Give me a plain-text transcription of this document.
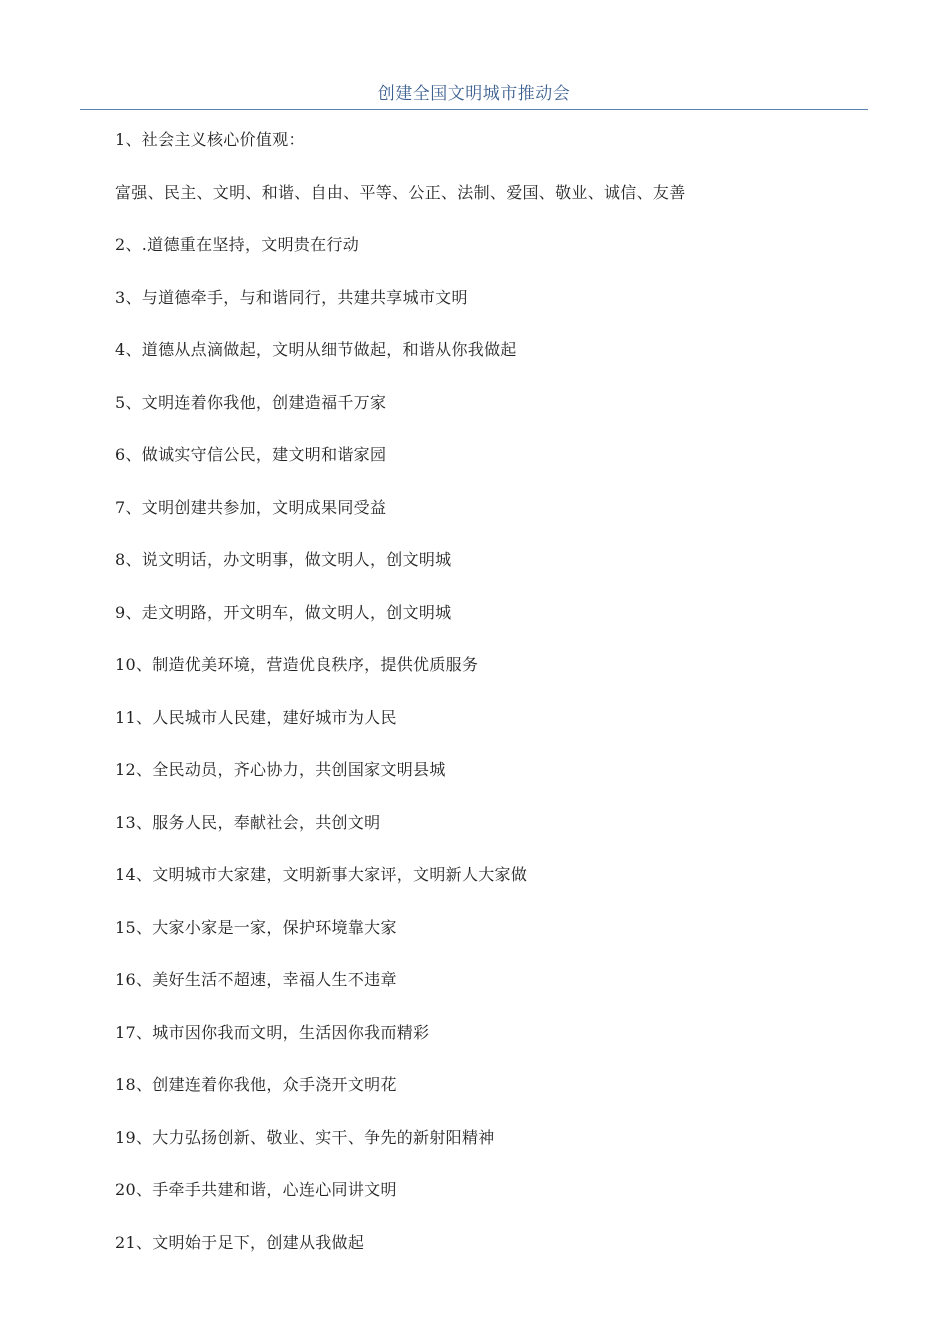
创建全国文明城市推动会
1、社会主义核心价值观：
富强、民主、文明、和谐、自由、平等、公正、法制、爱国、敬业、诚信、友善
2、.道德重在坚持，文明贵在行动
3、与道德牵手，与和谐同行，共建共享城市文明
4、道德从点滴做起，文明从细节做起，和谐从你我做起
5、文明连着你我他，创建造福千万家
6、做诚实守信公民，建文明和谐家园
7、文明创建共参加，文明成果同受益
8、说文明话，办文明事，做文明人，创文明城
9、走文明路，开文明车，做文明人，创文明城
10、制造优美环境，营造优良秩序，提供优质服务
11、人民城市人民建，建好城市为人民
12、全民动员，齐心协力，共创国家文明县城
13、服务人民，奉献社会，共创文明
14、文明城市大家建，文明新事大家评，文明新人大家做
15、大家小家是一家，保护环境靠大家
16、美好生活不超速，幸福人生不违章
17、城市因你我而文明，生活因你我而精彩
18、创建连着你我他，众手浇开文明花
19、大力弘扬创新、敬业、实干、争先的新射阳精神
20、手牵手共建和谐，心连心同讲文明
21、文明始于足下，创建从我做起
